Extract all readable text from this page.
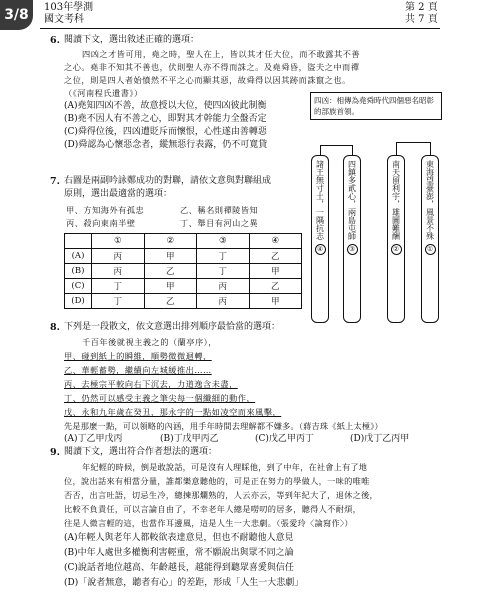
3/8	103年學測
國文考科
第 2 頁
共 7 頁
6. 閱讀下文，選出敘述正確的選項：
四凶之才皆可用，堯之時，聖人在上，皆以其才任大位，而不敢露其不善
之心。堯非不知其不善也，伏則聖人亦不得而誅之。及堯舜昏，盜夫之中而禪
之位，則是四人者始憤然不平之心而顯其惡，故舜得以因其跡而誅竄之也。
（《河南程氏遺書》）
(A)堯知四凶不善，故意授以大位，使四凶彼此制衡
(B)堯不因人有不善之心，即對其才幹能力全盤否定
(C)舜得位後，四凶遭貶斥而懷恨，心性遂由善轉惡
(D)舜認為心懷惡念者，縱無惡行表露，仍不可寬貸
四凶：相傳為堯舜時代四個惡名昭彰的部族首領。
7. 右圖是兩副吟詠鄭成功的對聯，請依文意與對聯組成
原則，選出最適當的選項：
甲、方知海外有孤忠	乙、稱名則禪陵皆知
丙、殺向東南半壁	丁、舉目有河山之異
	①	②	③	④
(A)	丙	甲	丁	乙
(B)	丙	乙	丁	甲
(C)	丁	甲	丙	乙
(D)	丁	乙	丙	甲
諸王無寸土，一隅抗志
④
四鎮多貳心，兩島屯師
③
南天留利宇，雄圖難酬
②
東海望臺澎，風景不殊
①
8. 下列是一段散文，依文意選出排列順序最恰當的選項：
千百年後就視主義之的（蘭亭序），
甲、碰到紙上的瞬維，順勢微微迴轉，
乙、華輕蓄勢，繼續向左城緩推出……
丙、去極宗平較向右下沉去，力道逸含未盡，
丁、仍然可以感受主義之筆尖每一個纖細的動作，
戊、永和九年歲在癸丑，那永字的一點如凌空而來風擊，
先是那麼一點，可以領略的內涵，用手年時間去理解都不嫌多。（蔣吉珠《紙上太極》）
(A)丁乙甲戊丙	(B)丁戊甲丙乙	(C)戊乙甲丙丁	(D)戊丁乙丙甲
9. 閱讀下文，選出符合作者想法的選項：
年紀輕的時候，倒是敢說話，可是沒有人理睬他，到了中年，在社會上有了地
位，說出話來有相當分量，誰都樂意聽他的，可是正在努力的學做人，一味的唯唯
否否，出言吐語，切忌生冷，總揀那爛熟的，人云亦云，等到年紀大了，退休之後，
比較不負責任，可以言論自由了，不幸老年人總是嘮叨的居多，聽得人不耐煩，
往是人微言輕的這，也當作耳邊風，這是人生一大悲劇。（張愛玲〈論寫作〉）
(A)年輕人與老年人都較欲表達意見，但也不耐聽他人意見
(B)中年人處世多權衡利害輕重，常不願說出與眾不同之論
(C)說話者地位越高、年齡越長，越能得到聽眾喜愛與信任
(D)「說者無意，聽者有心」的差距，形成「人生一大悲劇」
